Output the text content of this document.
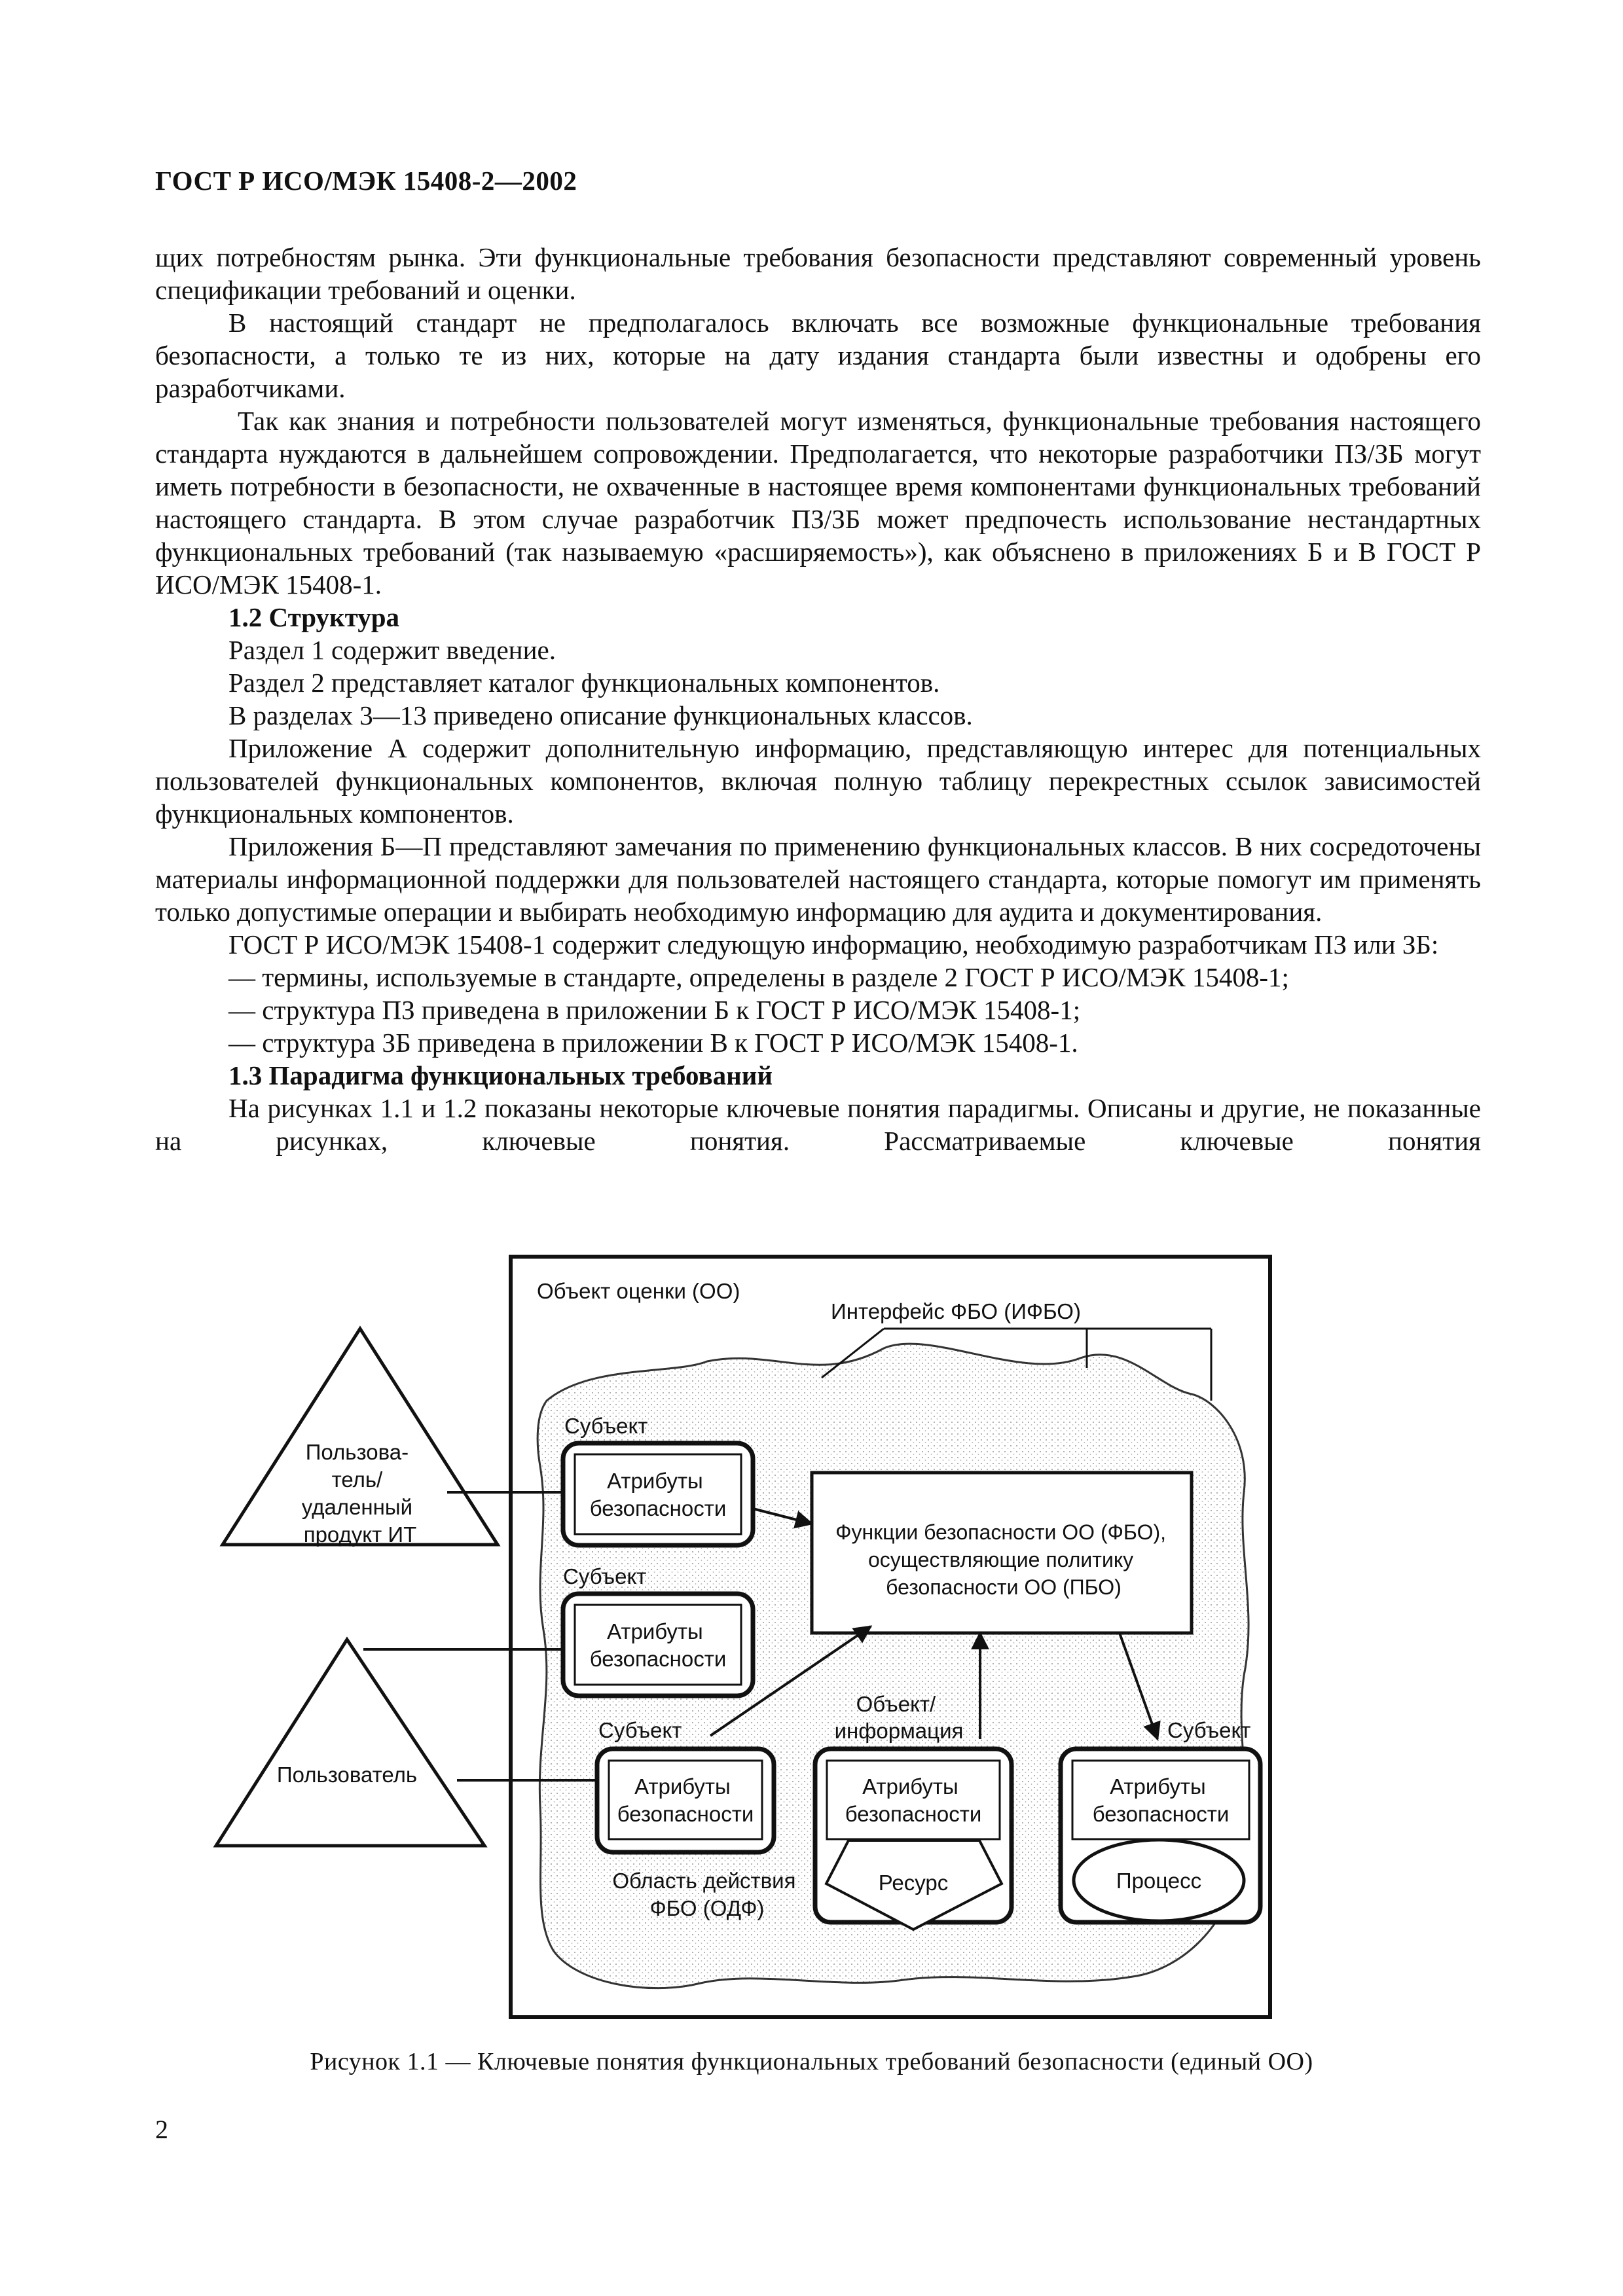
ГОСТ Р ИСО/МЭК 15408-2—2002

щих потребностям рынка. Эти функциональные требования безопасности представляют современный уровень спецификации требований и оценки.

В настоящий стандарт не предполагалось включать все возможные функциональные требования безопасности, а только те из них, которые на дату издания стандарта были известны и одобрены его разработчиками.

Так как знания и потребности пользователей могут изменяться, функциональные требования настоящего стандарта нуждаются в дальнейшем сопровождении. Предполагается, что некоторые разработчики ПЗ/ЗБ могут иметь потребности в безопасности, не охваченные в настоящее время компонентами функциональных требований настоящего стандарта. В этом случае разработчик ПЗ/ЗБ может предпочесть использование нестандартных функциональных требований (так называемую «расширяемость»), как объяснено в приложениях Б и В ГОСТ Р ИСО/МЭК 15408-1.

1.2 Структура

Раздел 1 содержит введение.

Раздел 2 представляет каталог функциональных компонентов.

В разделах 3—13 приведено описание функциональных классов.

Приложение А содержит дополнительную информацию, представляющую интерес для потенциальных пользователей функциональных компонентов, включая полную таблицу перекрестных ссылок зависимостей функциональных компонентов.

Приложения Б—П представляют замечания по применению функциональных классов. В них сосредоточены материалы информационной поддержки для пользователей настоящего стандарта, которые помогут им применять только допустимые операции и выбирать необходимую информацию для аудита и документирования.

ГОСТ Р ИСО/МЭК 15408-1 содержит следующую информацию, необходимую разработчикам ПЗ или ЗБ:

— термины, используемые в стандарте, определены в разделе 2 ГОСТ Р ИСО/МЭК 15408-1;

— структура ПЗ приведена в приложении Б к ГОСТ Р ИСО/МЭК 15408-1;

— структура ЗБ приведена в приложении В к ГОСТ Р ИСО/МЭК 15408-1.

1.3 Парадигма функциональных требований

На рисунках 1.1 и 1.2 показаны некоторые ключевые понятия парадигмы. Описаны и другие, не показанные на рисунках, ключевые понятия. Рассматриваемые ключевые понятия

Объект оценки (ОО)
Интерфейс ФБО (ИФБО)
Пользова- тель/ удаленный продукт ИТ
Пользователь
Субъект
Атрибуты безопасности
Субъект
Атрибуты безопасности
Функции безопасности ОО (ФБО), осуществляющие политику безопасности ОО (ПБО)
Субъект
Атрибуты безопасности
Объект/ информация
Атрибуты безопасности
Ресурс
Субъект
Атрибуты безопасности
Процесс
Область действия ФБО (ОДФ)
Рисунок 1.1 — Ключевые понятия функциональных требований безопасности (единый ОО)
2
